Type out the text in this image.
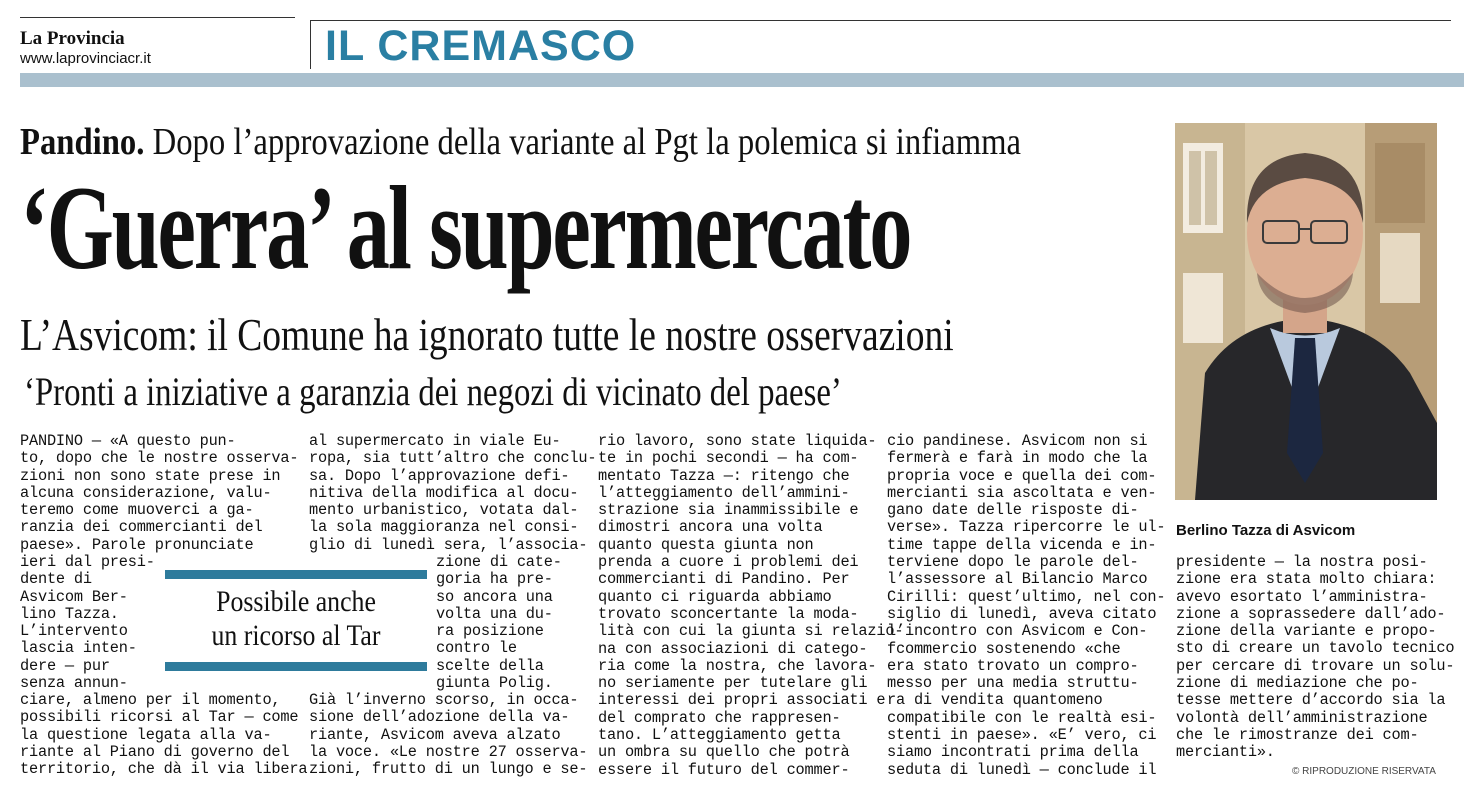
La Provincia
www.laprovinciacr.it	IL CREMASCO
Pandino. Dopo l’approvazione della variante al Pgt la polemica si infiamma
‘Guerra’ al supermercato
L’Asvicom: il Comune ha ignorato tutte le nostre osservazioni
‘Pronti a iniziative a garanzia dei negozi di vicinato del paese’
PANDINO — «A questo pun-
to, dopo che le nostre osserva-
zioni non sono state prese in
alcuna considerazione, valu-
teremo come muoverci a ga-
ranzia dei commercianti del
paese». Parole pronunciate
ieri dal presi-
dente di
Asvicom Ber-
lino Tazza.
L’intervento
lascia inten-
dere — pur
senza annun-
ciare, almeno per il momento,
possibili ricorsi al Tar — come
la questione legata alla va-
riante al Piano di governo del
territorio, che dà il via libera
al supermercato in viale Eu-
ropa, sia tutt’altro che conclu-
sa. Dopo l’approvazione defi-
nitiva della modifica al docu-
mento urbanistico, votata dal-
la sola maggioranza nel consi-
glio di lunedì sera, l’associa-
zione di cate-
goria ha pre-
so ancora una
volta una du-
ra posizione
contro le
scelte della
giunta Polig.
Già l’inverno scorso, in occa-
sione dell’adozione della va-
riante, Asvicom aveva alzato
la voce. «Le nostre 27 osserva-
zioni, frutto di un lungo e se-
rio lavoro, sono state liquida-
te in pochi secondi — ha com-
mentato Tazza —: ritengo che
l’atteggiamento dell’ammini-
strazione sia inammissibile e
dimostri ancora una volta
quanto questa giunta non
prenda a cuore i problemi dei
commercianti di Pandino. Per
quanto ci riguarda abbiamo
trovato sconcertante la moda-
lità con cui la giunta si relazio-
na con associazioni di catego-
ria come la nostra, che lavora-
no seriamente per tutelare gli
interessi dei propri associati e
del comprato che rappresen-
tano. L’atteggiamento getta
un ombra su quello che potrà
essere il futuro del commer-
cio pandinese. Asvicom non si
fermerà e farà in modo che la
propria voce e quella dei com-
mercianti sia ascoltata e ven-
gano date delle risposte di-
verse». Tazza ripercorre le ul-
time tappe della vicenda e in-
terviene dopo le parole del-
l’assessore al Bilancio Marco
Cirilli: quest’ultimo, nel con-
siglio di lunedì, aveva citato
l’incontro con Asvicom e Con-
fcommercio sostenendo «che
era stato trovato un compro-
messo per una media struttu-
ra di vendita quantomeno
compatibile con le realtà esi-
stenti in paese». «E’ vero, ci
siamo incontrati prima della
seduta di lunedì — conclude il
presidente — la nostra posi-
zione era stata molto chiara:
avevo esortato l’amministra-
zione a soprassedere dall’ado-
zione della variante e propo-
sto di creare un tavolo tecnico
per cercare di trovare un solu-
zione di mediazione che po-
tesse mettere d’accordo sia la
volontà dell’amministrazione
che le rimostranze dei com-
mercianti».
Possibile anche
un ricorso al Tar
Berlino Tazza di Asvicom
© RIPRODUZIONE RISERVATA
